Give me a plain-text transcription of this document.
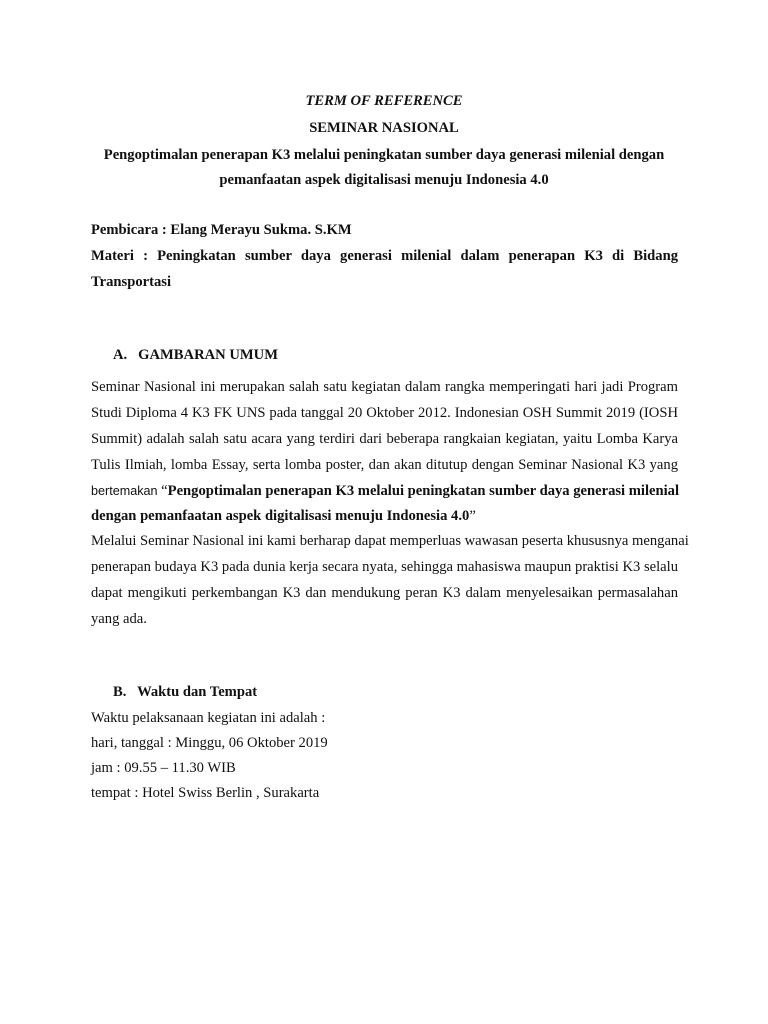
TERM OF REFERENCE
SEMINAR NASIONAL
Pengoptimalan penerapan K3 melalui peningkatan sumber daya generasi milenial dengan
pemanfaatan aspek digitalisasi menuju Indonesia 4.0
Pembicara : Elang Merayu Sukma. S.KM
Materi : Peningkatan sumber daya generasi milenial dalam penerapan K3 di Bidang
Transportasi
A.   GAMBARAN UMUM
Seminar Nasional ini merupakan salah satu kegiatan dalam rangka memperingati hari jadi Program
Studi Diploma 4 K3 FK UNS pada tanggal 20 Oktober 2012. Indonesian OSH Summit 2019 (IOSH
Summit) adalah salah satu acara yang terdiri dari beberapa rangkaian kegiatan, yaitu Lomba Karya
Tulis Ilmiah, lomba Essay, serta lomba poster, dan akan ditutup dengan Seminar Nasional K3 yang
bertemakan “Pengoptimalan penerapan K3 melalui peningkatan sumber daya generasi milenial
dengan pemanfaatan aspek digitalisasi menuju Indonesia 4.0”
Melalui Seminar Nasional ini kami berharap dapat memperluas wawasan peserta khususnya menganai
penerapan budaya K3 pada dunia kerja secara nyata, sehingga mahasiswa maupun praktisi K3 selalu
dapat mengikuti perkembangan K3 dan mendukung peran K3 dalam menyelesaikan permasalahan
yang ada.
B.   Waktu dan Tempat
Waktu pelaksanaan kegiatan ini adalah :
hari, tanggal : Minggu, 06 Oktober 2019
jam : 09.55 – 11.30 WIB
tempat : Hotel Swiss Berlin , Surakarta
